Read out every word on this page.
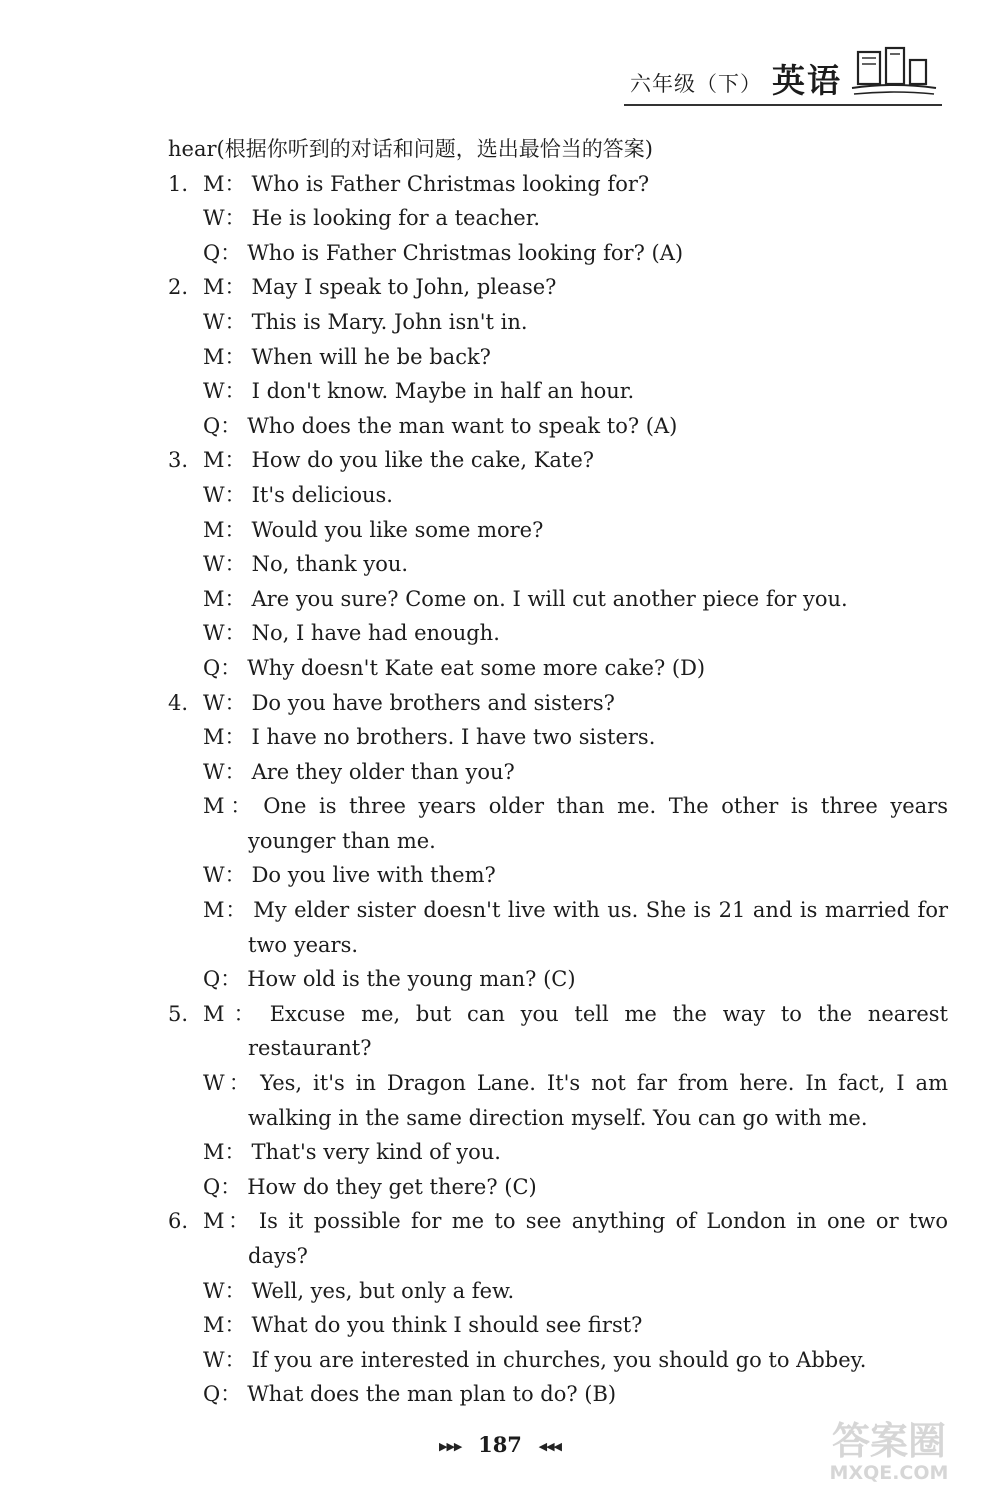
六年级（下） 英语
hear(根据你听到的对话和问题，选出最恰当的答案)
1. M： Who is Father Christmas looking for?
W： He is looking for a teacher.
Q： Who is Father Christmas looking for? (A)
2. M： May I speak to John, please?
W： This is Mary. John isn't in.
M： When will he be back?
W： I don't know. Maybe in half an hour.
Q： Who does the man want to speak to? (A)
3. M： How do you like the cake, Kate?
W： It's delicious.
M： Would you like some more?
W： No, thank you.
M： Are you sure? Come on. I will cut another piece for you.
W： No, I have had enough.
Q： Why doesn't Kate eat some more cake? (D)
4. W： Do you have brothers and sisters?
M： I have no brothers. I have two sisters.
W： Are they older than you?
M： One is three years older than me. The other is three years younger than me.
W： Do you live with them?
M： My elder sister doesn't live with us. She is 21 and is married for two years.
Q： How old is the young man? (C)
5. M： Excuse me, but can you tell me the way to the nearest restaurant?
W： Yes, it's in Dragon Lane. It's not far from here. In fact, I am walking in the same direction myself. You can go with me.
M： That's very kind of you.
Q： How do they get there? (C)
6. M： Is it possible for me to see anything of London in one or two days?
W： Well, yes, but only a few.
M： What do you think I should see first?
W： If you are interested in churches, you should go to Abbey.
Q： What does the man plan to do? (B)
▶▶▶ 187 ◀◀◀	答案圈
MXQE.COM
